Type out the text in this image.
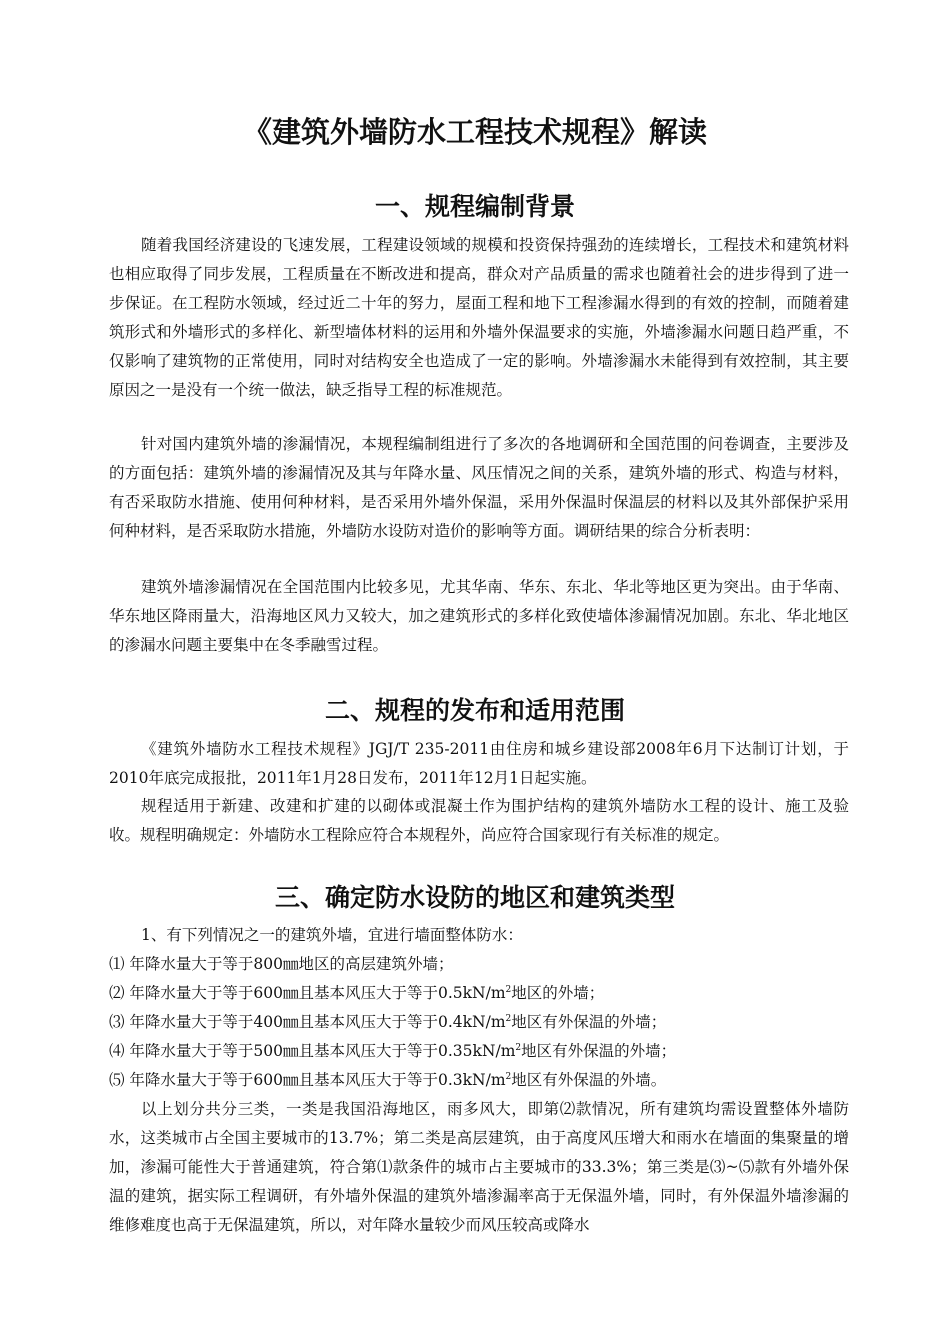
《建筑外墙防水工程技术规程》解读
一、规程编制背景
随着我国经济建设的飞速发展，工程建设领域的规模和投资保持强劲的连续增长，工程技术和建筑材料也相应取得了同步发展，工程质量在不断改进和提高，群众对产品质量的需求也随着社会的进步得到了进一步保证。在工程防水领域，经过近二十年的努力，屋面工程和地下工程渗漏水得到的有效的控制，而随着建筑形式和外墙形式的多样化、新型墙体材料的运用和外墙外保温要求的实施，外墙渗漏水问题日趋严重，不仅影响了建筑物的正常使用，同时对结构安全也造成了一定的影响。外墙渗漏水未能得到有效控制，其主要原因之一是没有一个统一做法，缺乏指导工程的标准规范。
针对国内建筑外墙的渗漏情况，本规程编制组进行了多次的各地调研和全国范围的问卷调查，主要涉及的方面包括：建筑外墙的渗漏情况及其与年降水量、风压情况之间的关系，建筑外墙的形式、构造与材料，有否采取防水措施、使用何种材料，是否采用外墙外保温，采用外保温时保温层的材料以及其外部保护采用何种材料，是否采取防水措施，外墙防水设防对造价的影响等方面。调研结果的综合分析表明：
建筑外墙渗漏情况在全国范围内比较多见，尤其华南、华东、东北、华北等地区更为突出。由于华南、华东地区降雨量大，沿海地区风力又较大，加之建筑形式的多样化致使墙体渗漏情况加剧。东北、华北地区的渗漏水问题主要集中在冬季融雪过程。
二、规程的发布和适用范围
《建筑外墙防水工程技术规程》JGJ/T 235-2011由住房和城乡建设部2008年6月下达制订计划，于2010年底完成报批，2011年1月28日发布，2011年12月1日起实施。
规程适用于新建、改建和扩建的以砌体或混凝土作为围护结构的建筑外墙防水工程的设计、施工及验收。规程明确规定：外墙防水工程除应符合本规程外，尚应符合国家现行有关标准的规定。
三、确定防水设防的地区和建筑类型

1、有下列情况之一的建筑外墙，宜进行墙面整体防水：

⑴ 年降水量大于等于800㎜地区的高层建筑外墙；

⑵ 年降水量大于等于600㎜且基本风压大于等于$0.5kN/m^2$地区的外墙；

⑶ 年降水量大于等于400㎜且基本风压大于等于$0.4kN/m^2$地区有外保温的外墙；

⑷ 年降水量大于等于500㎜且基本风压大于等于$0.35kN/m^2$地区有外保温的外墙；

⑸ 年降水量大于等于600㎜且基本风压大于等于$0.3kN/m^2$地区有外保温的外墙。

以上划分共分三类，一类是我国沿海地区，雨多风大，即第⑵款情况，所有建筑均需设置整体外墙防水，这类城市占全国主要城市的13.7%；第二类是高层建筑，由于高度风压增大和雨水在墙面的集聚量的增加，渗漏可能性大于普通建筑，符合第⑴款条件的城市占主要城市的33.3%；第三类是⑶~⑸款有外墙外保温的建筑，据实际工程调研，有外墙外保温的建筑外墙渗漏率高于无保温外墙，同时，有外保温外墙渗漏的维修难度也高于无保温建筑，所以，对年降水量较少而风压较高或降水
